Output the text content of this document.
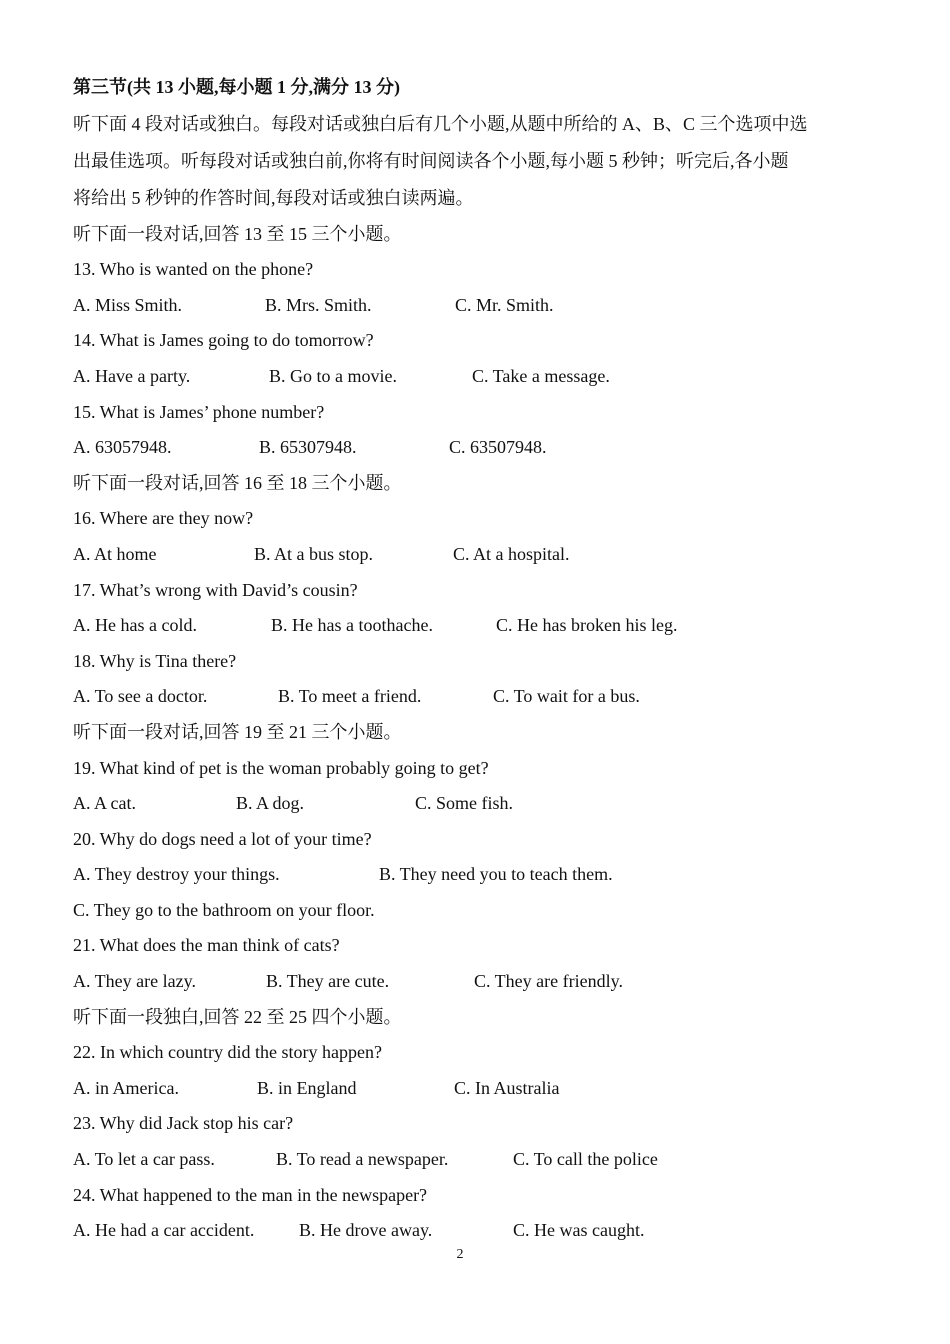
第三节(共 13 小题,每小题 1 分,满分 13 分)
听下面 4 段对话或独白。每段对话或独白后有几个小题,从题中所给的 A、B、C 三个选项中选
出最佳选项。听每段对话或独白前,你将有时间阅读各个小题,每小题 5 秒钟；听完后,各小题
将给出 5 秒钟的作答时间,每段对话或独白读两遍。
听下面一段对话,回答 13 至 15 三个小题。
13. Who is wanted on the phone?
A. Miss Smith.	B. Mrs. Smith.	C. Mr. Smith.
14. What is James going to do tomorrow?
A. Have a party.	B. Go to a movie.	C. Take a message.
15. What is James’ phone number?
A. 63057948.	B. 65307948.	C. 63507948.
听下面一段对话,回答 16 至 18 三个小题。
16. Where are they now?
A. At home	B. At a bus stop.	C. At a hospital.
17. What’s wrong with David’s cousin?
A. He has a cold.	B. He has a toothache.	C. He has broken his leg.
18. Why is Tina there?
A. To see a doctor.	B. To meet a friend.	C. To wait for a bus.
听下面一段对话,回答 19 至 21 三个小题。
19. What kind of pet is the woman probably going to get?
A. A cat.	B. A dog.	C. Some fish.
20. Why do dogs need a lot of your time?
A. They destroy your things.	B. They need you to teach them.
C. They go to the bathroom on your floor.
21. What does the man think of cats?
A. They are lazy.	B. They are cute.	C. They are friendly.
听下面一段独白,回答 22 至 25 四个小题。
22. In which country did the story happen?
A. in America.	B. in England	C. In Australia
23. Why did Jack stop his car?
A. To let a car pass.	B. To read a newspaper.	C. To call the police
24. What happened to the man in the newspaper?
A. He had a car accident. B. He drove away.	C. He was caught.
2
